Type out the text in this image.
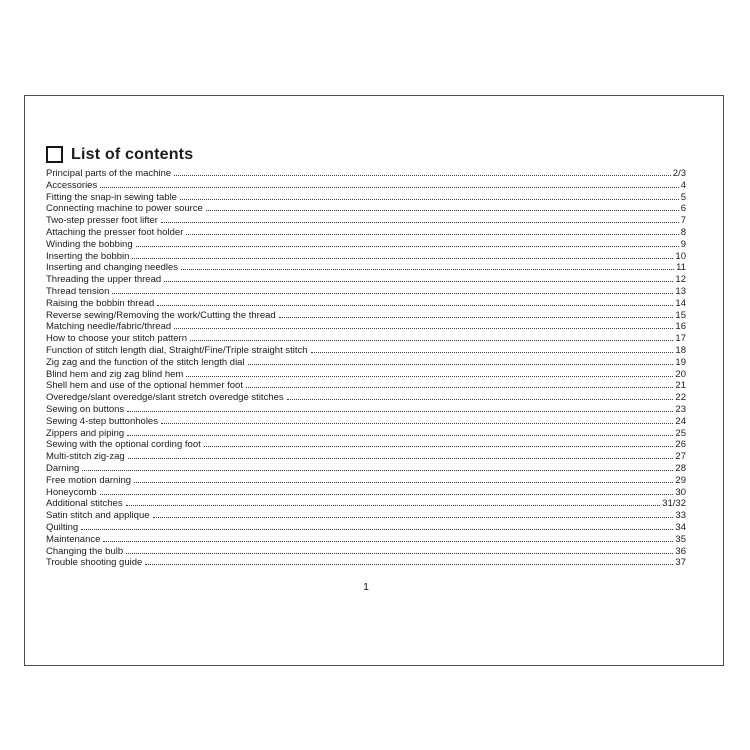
List of contents
Principal parts of the machine	2/3
Accessories	4
Fitting the snap-in sewing table	5
Connecting machine to power source	6
Two-step presser foot lifter	7
Attaching the presser foot holder	8
Winding the bobbing	9
Inserting the bobbin	10
Inserting and changing needles	11
Threading the upper thread	12
Thread tension	13
Raising the bobbin thread	14
Reverse sewing/Removing the work/Cutting the thread	15
Matching needle/fabric/thread	16
How to choose your stitch pattern	17
Function of stitch length dial, Straight/Fine/Triple straight stitch	18
Zig zag and the function of the stitch length dial	19
Blind hem and zig zag blind hem	20
Shell hem and use of the optional hemmer foot	21
Overedge/slant overedge/slant stretch overedge stitches	22
Sewing on buttons	23
Sewing 4-step buttonholes	24
Zippers and piping	25
Sewing with the optional cording foot	26
Multi-stitch zig-zag	27
Darning	28
Free motion darning	29
Honeycomb	30
Additional stitches	31/32
Satin stitch and applique	33
Quilting	34
Maintenance	35
Changing the bulb	36
Trouble shooting guide	37
1
